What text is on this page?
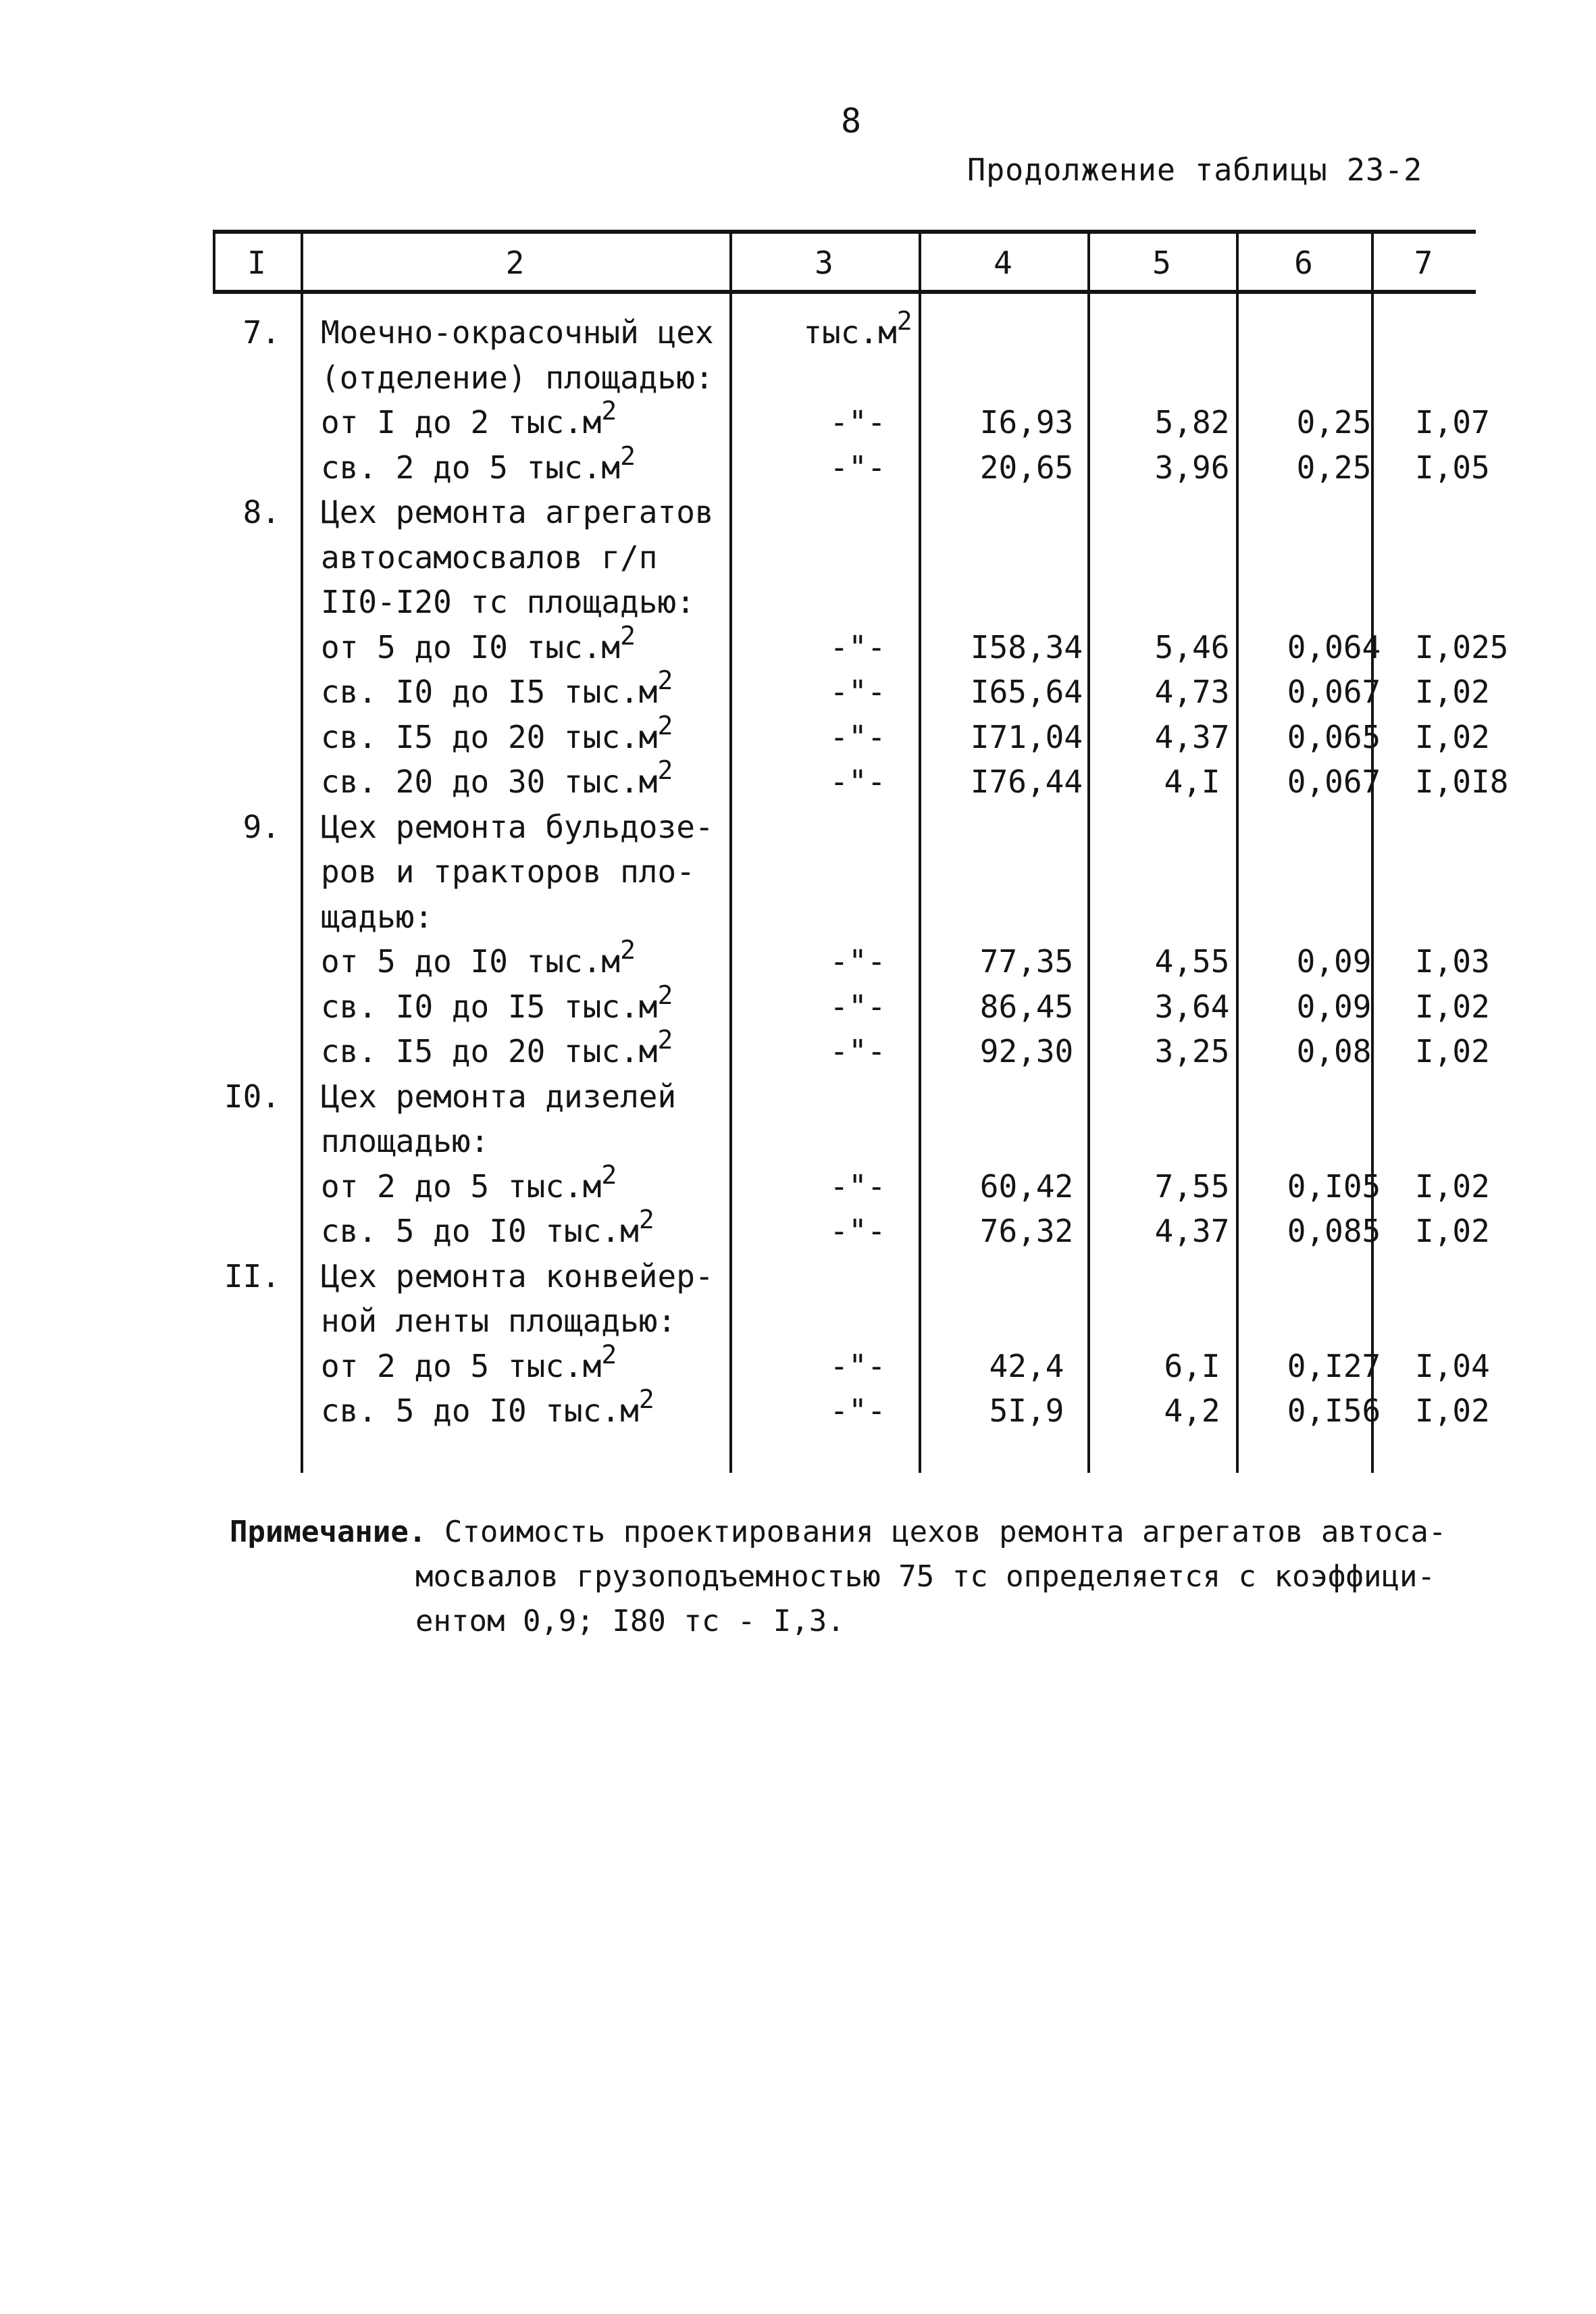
8
Продолжение таблицы 23-2
I	2	3	4	5	6	7
7. Моечно-окрасочный цех	$тыс.м^2$
(отделение) площадью:
от I до 2 $тыс.м^2$	-"-	I6,93	5,82	0,25	I,07
св. 2 до 5 $тыс.м^2$	-"-	20,65	3,96	0,25	I,05
8. Цех ремонта агрегатов
автосамосвалов г/п
II0-I20 тс площадью:
от 5 до I0 $тыс.м^2$	-"-	I58,34	5,46	0,064	I,025
св. I0 до I5 $тыс.м^2$	-"-	I65,64	4,73	0,067	I,02
св. I5 до 20 $тыс.м^2$	-"-	I71,04	4,37	0,065	I,02
св. 20 до 30 $тыс.м^2$	-"-	I76,44	4,I	0,067	I,0I8
9. Цех ремонта бульдозе-
ров и тракторов пло-
щадью:
от 5 до I0 $тыс.м^2$	-"-	77,35	4,55	0,09	I,03
св. I0 до I5 $тыс.м^2$	-"-	86,45	3,64	0,09	I,02
св. I5 до 20 $тыс.м^2$	-"-	92,30	3,25	0,08	I,02
I0. Цех ремонта дизелей
площадью:
от 2 до 5 $тыс.м^2$	-"-	60,42	7,55	0,I05	I,02
св. 5 до I0 $тыс.м^2$	-"-	76,32	4,37	0,085	I,02
II. Цех ремонта конвейер-
ной ленты площадью:
от 2 до 5 $тыс.м^2$	-"-	42,4	6,I	0,I27	I,04
св. 5 до I0 $тыс.м^2$	-"-	5I,9	4,2	0,I56	I,02
Примечание. Стоимость проектирования цехов ремонта агрегатов автоса-
мосвалов грузоподъемностью 75 тс определяется с коэффици-
ентом 0,9; I80 тс - I,3.
